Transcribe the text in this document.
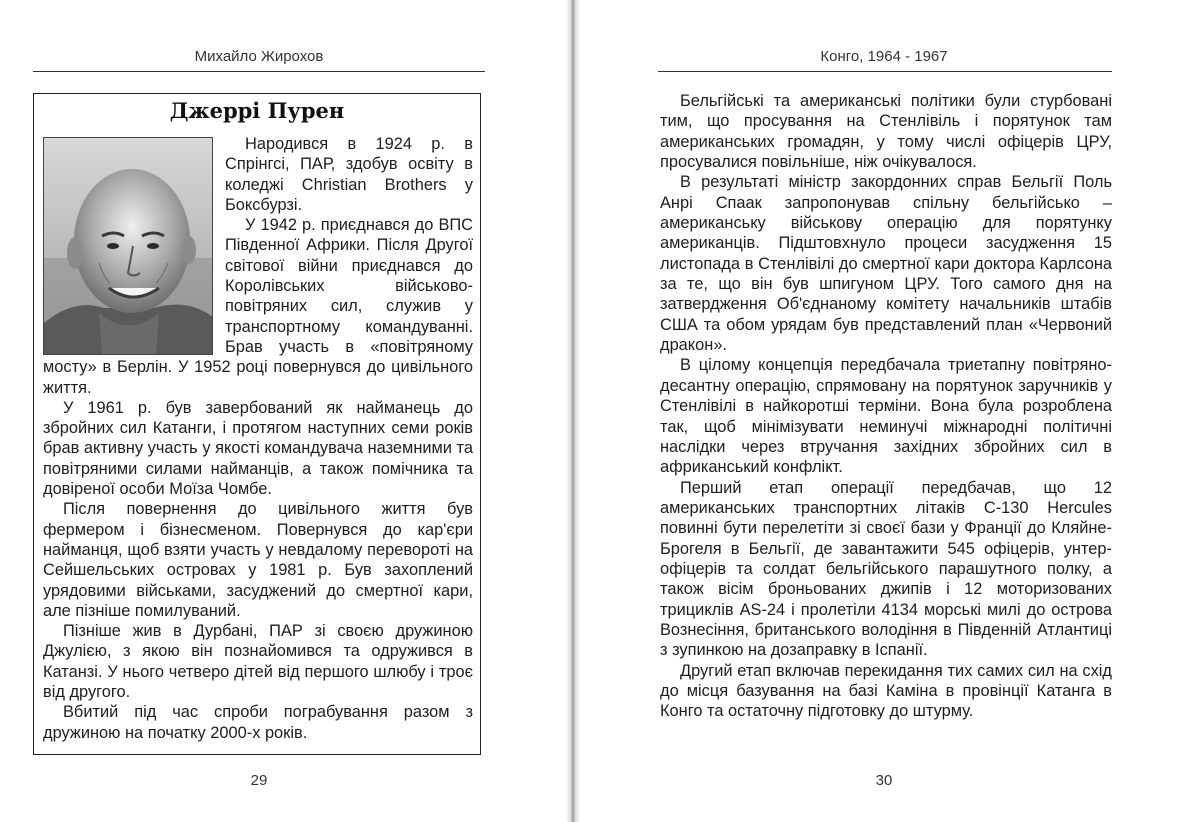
Михайло Жирохов
Джеррі Пурен

Народився в 1924 р. в Спрінгсі, ПАР, здобув освіту в коледжі Christian Brothers у Боксбурзі.

У 1942 р. приєднався до ВПС Південної Африки. Після Другої світової війни приєднався до Королівських військово-повітряних сил, служив у транспортному командуванні. Брав участь в «повітряному мосту» в Берлін. У 1952 році повернувся до цивільного життя.

У 1961 р. був завербований як найманець до збройних сил Катанги, і протягом наступних семи років брав активну участь у якості командувача наземними та повітряними силами найманців, а також помічника та довіреної особи Моїза Чомбе.

Після повернення до цивільного життя був фермером і бізнесменом. Повернувся до кар'єри найманця, щоб взяти участь у невдалому перевороті на Сейшельських островах у 1981 р. Був захоплений урядовими військами, засуджений до смертної кари, але пізніше помилуваний.

Пізніше жив в Дурбані, ПАР зі своєю дружиною Джулією, з якою він познайомився та одружився в Катанзі. У нього четверо дітей від першого шлюбу і троє від другого.

Вбитий під час спроби пограбування разом з дружиною на початку 2000-х років.

29
Конго, 1964 - 1967

Бельгійські та американські політики були стурбовані тим, що просування на Стенлівіль і порятунок там американських громадян, у тому числі офіцерів ЦРУ, просувалися повільніше, ніж очікувалося.

В результаті міністр закордонних справ Бельгії Поль Анрі Спаак запропонував спільну бельгійсько – американську військову операцію для порятунку американців. Підштовхнуло процеси засудження 15 листопада в Стенлівілі до смертної кари доктора Карлсона за те, що він був шпигуном ЦРУ. Того самого дня на затвердження Об'єднаному комітету начальників штабів США та обом урядам був представлений план «Червоний дракон».

В цілому концепція передбачала триетапну повітряно-десантну операцію, спрямовану на порятунок заручників у Стенлівілі в найкоротші терміни. Вона була розроблена так, щоб мінімізувати неминучі міжнародні політичні наслідки через втручання західних збройних сил в африканський конфлікт.

Перший етап операції передбачав, що 12 американських транспортних літаків C-130 Hercules повинні бути перелетіти зі своєї бази у Франції до Кляйне-Брогеля в Бельгії, де завантажити 545 офіцерів, унтер-офіцерів та солдат бельгійського парашутного полку, а також вісім броньованих джипів і 12 моторизованих трициклів AS-24 і пролетіли 4134 морські милі до острова Вознесіння, британського володіння в Південній Атлантиці з зупинкою на дозаправку в Іспанії.

Другий етап включав перекидання тих самих сил на схід до місця базування на базі Каміна в провінції Катанга в Конго та остаточну підготовку до штурму.

30
